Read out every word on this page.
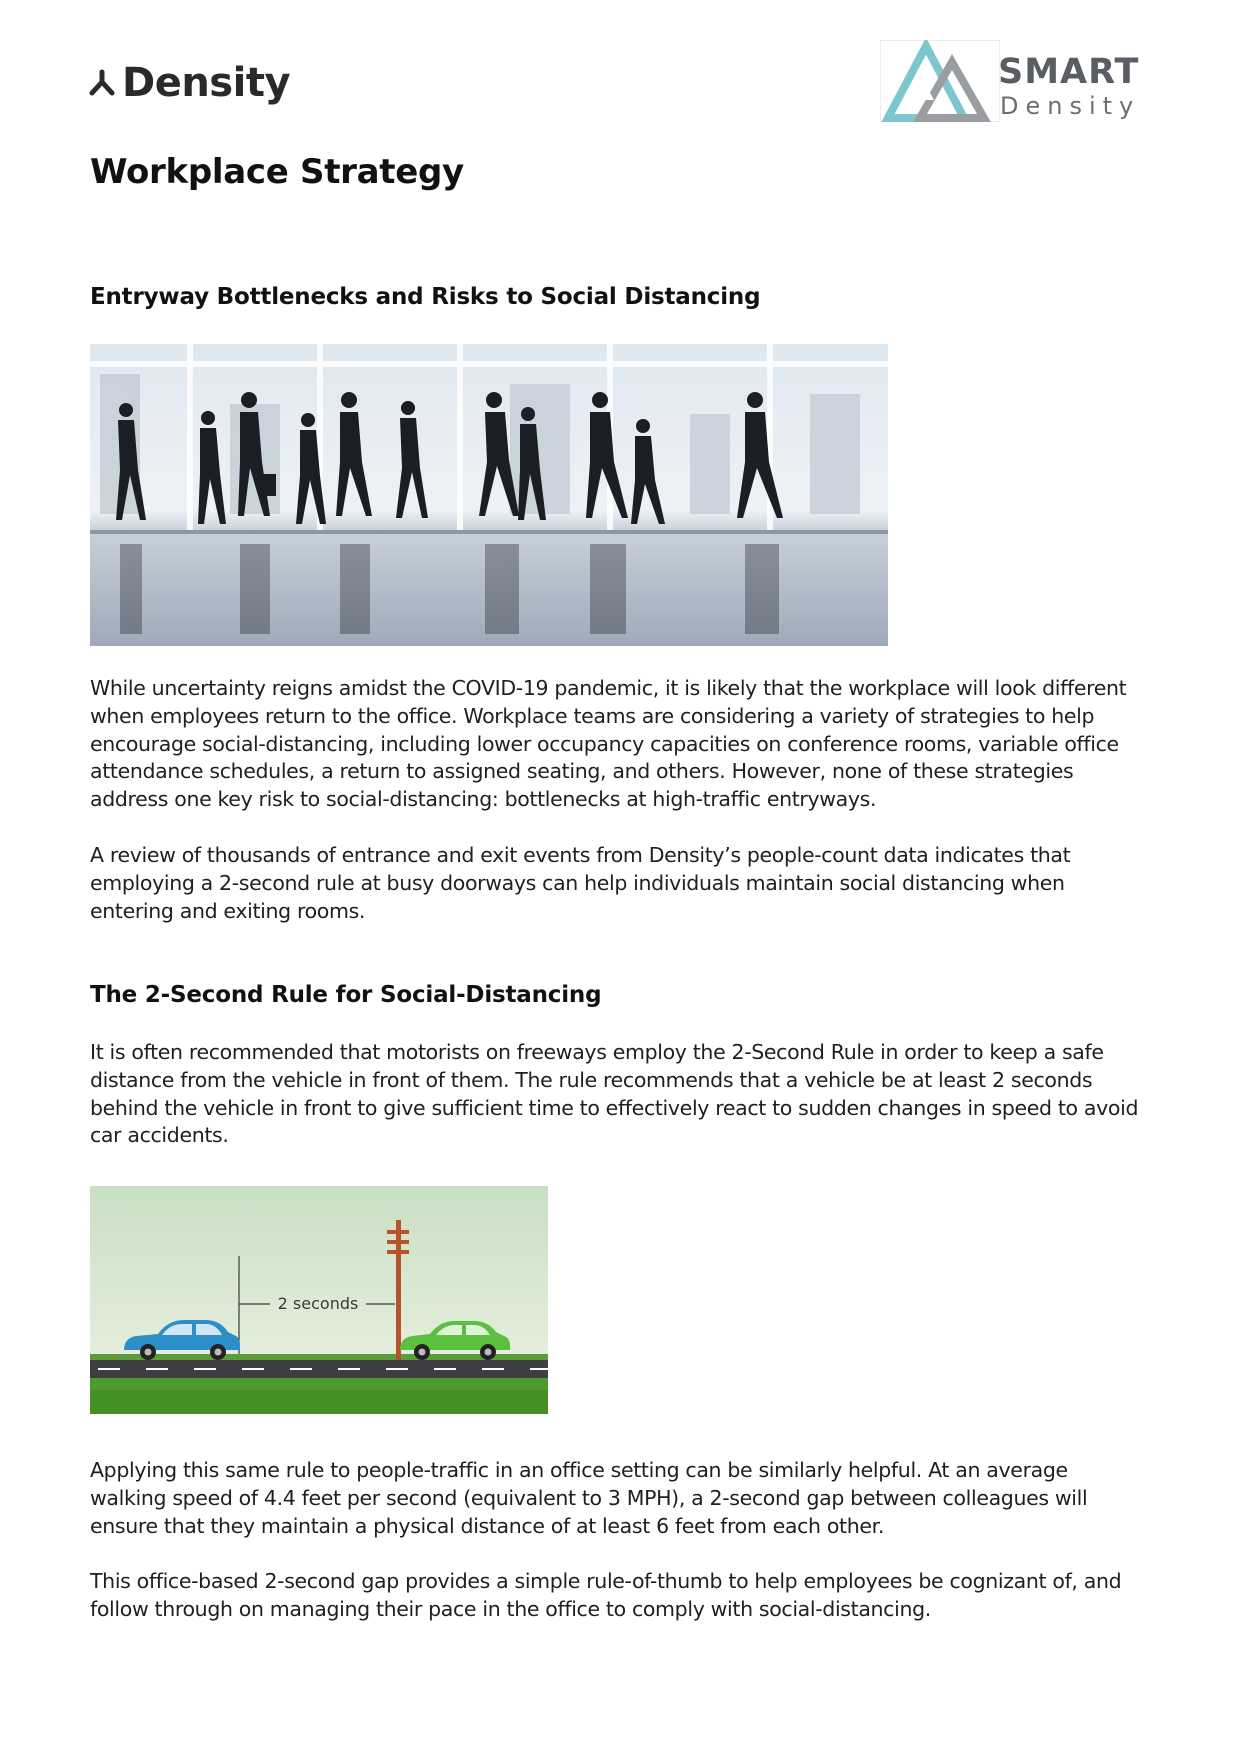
Density	SMART
Density
Workplace Strategy
Entryway Bottlenecks and Risks to Social Distancing

While uncertainty reigns amidst the COVID-19 pandemic, it is likely that the workplace will look different when employees return to the office. Workplace teams are considering a variety of strategies to help encourage social-distancing, including lower occupancy capacities on conference rooms, variable office attendance schedules, a return to assigned seating, and others. However, none of these strategies address one key risk to social-distancing: bottlenecks at high-traffic entryways.

A review of thousands of entrance and exit events from Density’s people-count data indicates that employing a 2-second rule at busy doorways can help individuals maintain social distancing when entering and exiting rooms.

The 2-Second Rule for Social-Distancing

It is often recommended that motorists on freeways employ the 2-Second Rule in order to keep a safe distance from the vehicle in front of them. The rule recommends that a vehicle be at least 2 seconds behind the vehicle in front to give sufficient time to effectively react to sudden changes in speed to avoid car accidents.

2 seconds

Applying this same rule to people-traffic in an office setting can be similarly helpful. At an average walking speed of 4.4 feet per second (equivalent to 3 MPH), a 2-second gap between colleagues will ensure that they maintain a physical distance of at least 6 feet from each other.

This office-based 2-second gap provides a simple rule-of-thumb to help employees be cognizant of, and follow through on managing their pace in the office to comply with social-distancing.
